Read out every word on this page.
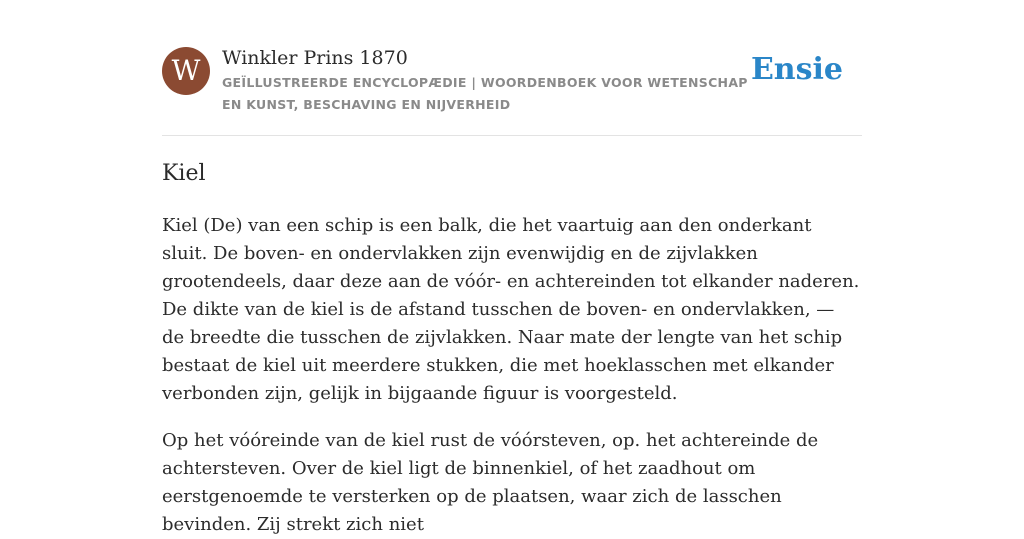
W	Winkler Prins 1870
GEÏLLUSTREERDE ENCYCLOPÆDIE | WOORDENBOEK VOOR WETENSCHAP EN KUNST, BESCHAVING EN NIJVERHEID
Ensie
Kiel

Kiel (De) van een schip is een balk, die het vaartuig aan den onderkant sluit. De boven- en ondervlakken zijn evenwijdig en de zijvlakken grootendeels, daar deze aan de vóór- en achtereinden tot elkander naderen. De dikte van de kiel is de afstand tusschen de boven- en ondervlakken, — de breedte die tusschen de zijvlakken. Naar mate der lengte van het schip bestaat de kiel uit meerdere stukken, die met hoeklasschen met elkander verbonden zijn, gelijk in bijgaande figuur is voorgesteld.

Op het vóóreinde van de kiel rust de vóórsteven, op. het achtereinde de achtersteven. Over de kiel ligt de binnenkiel, of het zaadhout om eerstgenoemde te versterken op de plaatsen, waar zich de lasschen bevinden. Zij strekt zich niet
